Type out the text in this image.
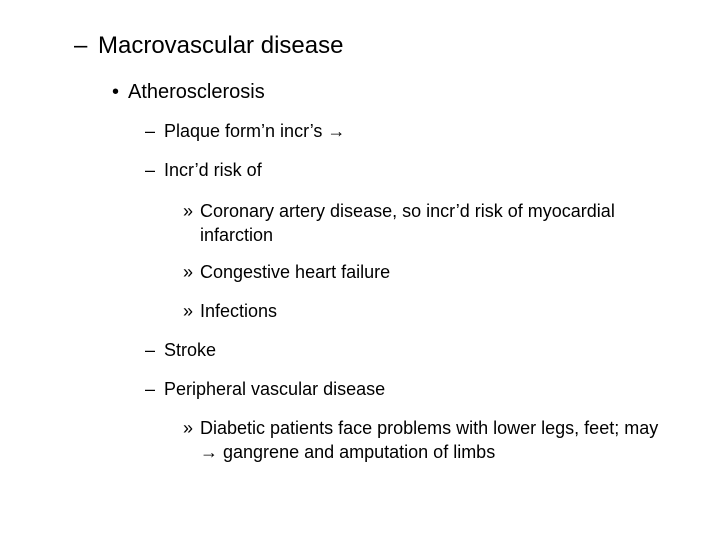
– Macrovascular disease
• Atherosclerosis
– Plaque form’n incr’s →
– Incr’d risk of
» Coronary artery disease, so incr’d risk of myocardial infarction
» Congestive heart failure
» Infections
– Stroke
– Peripheral vascular disease
» Diabetic patients face problems with lower legs, feet; may → gangrene and amputation of limbs
